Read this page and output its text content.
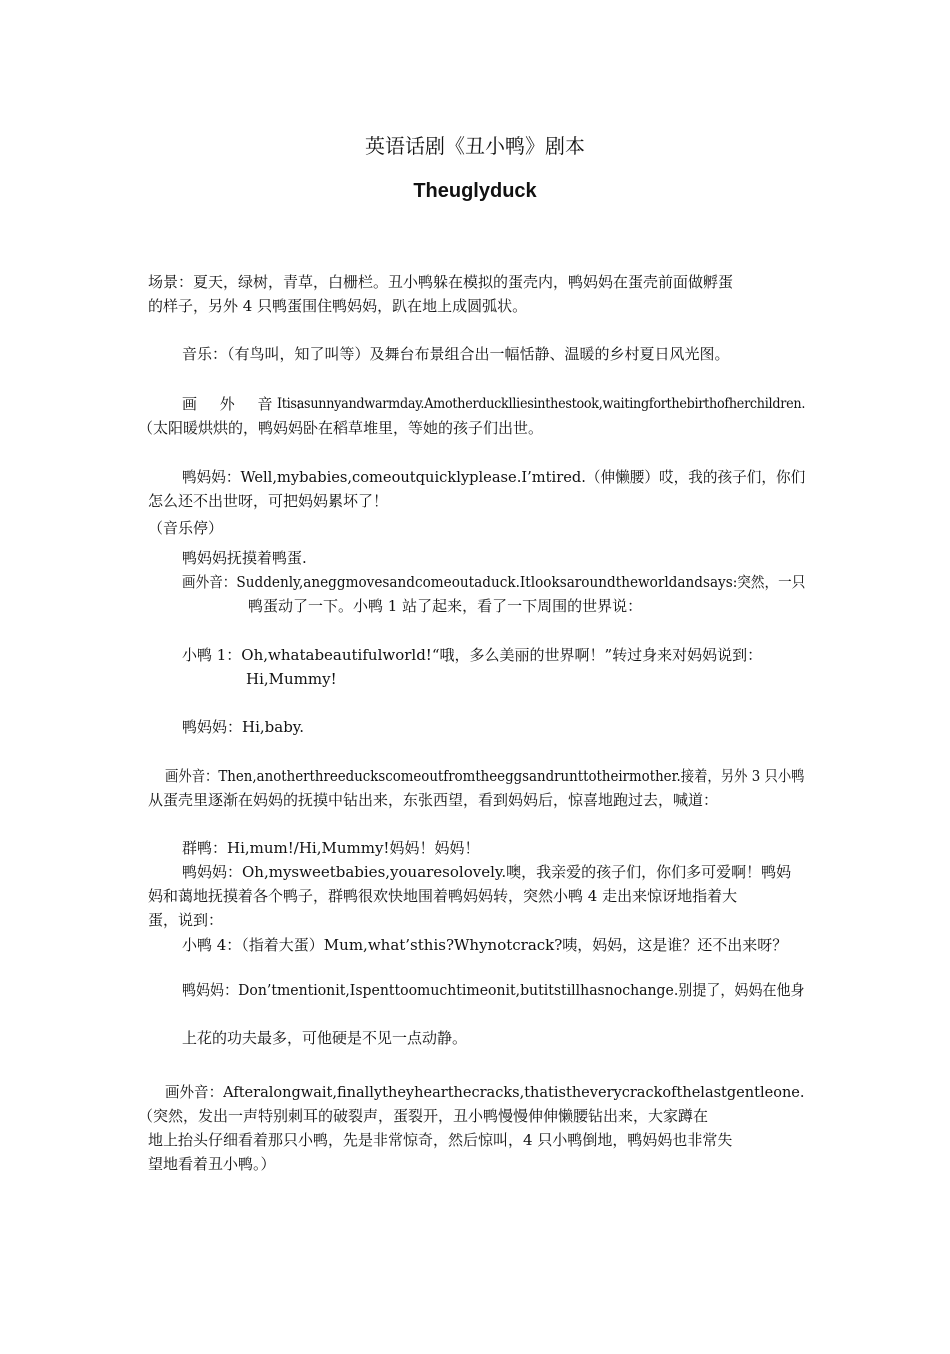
英语话剧《丑小鸭》剧本
Theuglyduck
场景：夏天，绿树，青草，白栅栏。丑小鸭躲在模拟的蛋壳内，鸭妈妈在蛋壳前面做孵蛋
的样子，另外 4 只鸭蛋围住鸭妈妈，趴在地上成圆弧状。
音乐：（有鸟叫，知了叫等）及舞台布景组合出一幅恬静、温暖的乡村夏日风光图。
画 外 音 ：
Itisasunnyandwarmday.Amotherducklliesinthestook,waitingforthebirthofherchildren.
（太阳暖烘烘的，鸭妈妈卧在稻草堆里，等她的孩子们出世。
鸭妈妈：Well,mybabies,comeoutquicklyplease.I’mtired.（伸懒腰）哎，我的孩子们，你们
怎么还不出世呀，可把妈妈累坏了！
（音乐停）
鸭妈妈抚摸着鸭蛋.
画外音：Suddenly,aneggmovesandcomeoutaduck.Itlooksaroundtheworldandsays:突然，一只
鸭蛋动了一下。小鸭 1 站了起来，看了一下周围的世界说：
小鸭 1：Oh,whatabeautifulworld!“哦，多么美丽的世界啊！”转过身来对妈妈说到：
Hi,Mummy!
鸭妈妈：Hi,baby.
画外音：Then,anotherthreeduckscomeoutfromtheeggsandrunttotheirmother.接着，另外 3 只小鸭
从蛋壳里逐渐在妈妈的抚摸中钻出来，东张西望，看到妈妈后，惊喜地跑过去，喊道：
群鸭：Hi,mum!/Hi,Mummy!妈妈！妈妈！
鸭妈妈：Oh,mysweetbabies,youaresolovely.噢，我亲爱的孩子们，你们多可爱啊！鸭妈
妈和蔼地抚摸着各个鸭子，群鸭很欢快地围着鸭妈妈转，突然小鸭 4 走出来惊讶地指着大
蛋，说到：
小鸭 4：（指着大蛋）Mum,what’sthis?Whynotcrack?咦，妈妈，这是谁？还不出来呀？
鸭妈妈：Don’tmentionit,Ispenttoomuchtimeonit,butitstillhasnochange.别提了，妈妈在他身
上花的功夫最多，可他硬是不见一点动静。
画外音：Afteralongwait,finallytheyhearthecracks,thatistheverycrackofthelastgentleone.
（突然，发出一声特别刺耳的破裂声，蛋裂开，丑小鸭慢慢伸伸懒腰钻出来，大家蹲在
地上抬头仔细看着那只小鸭，先是非常惊奇，然后惊叫，4 只小鸭倒地，鸭妈妈也非常失
望地看着丑小鸭。）
